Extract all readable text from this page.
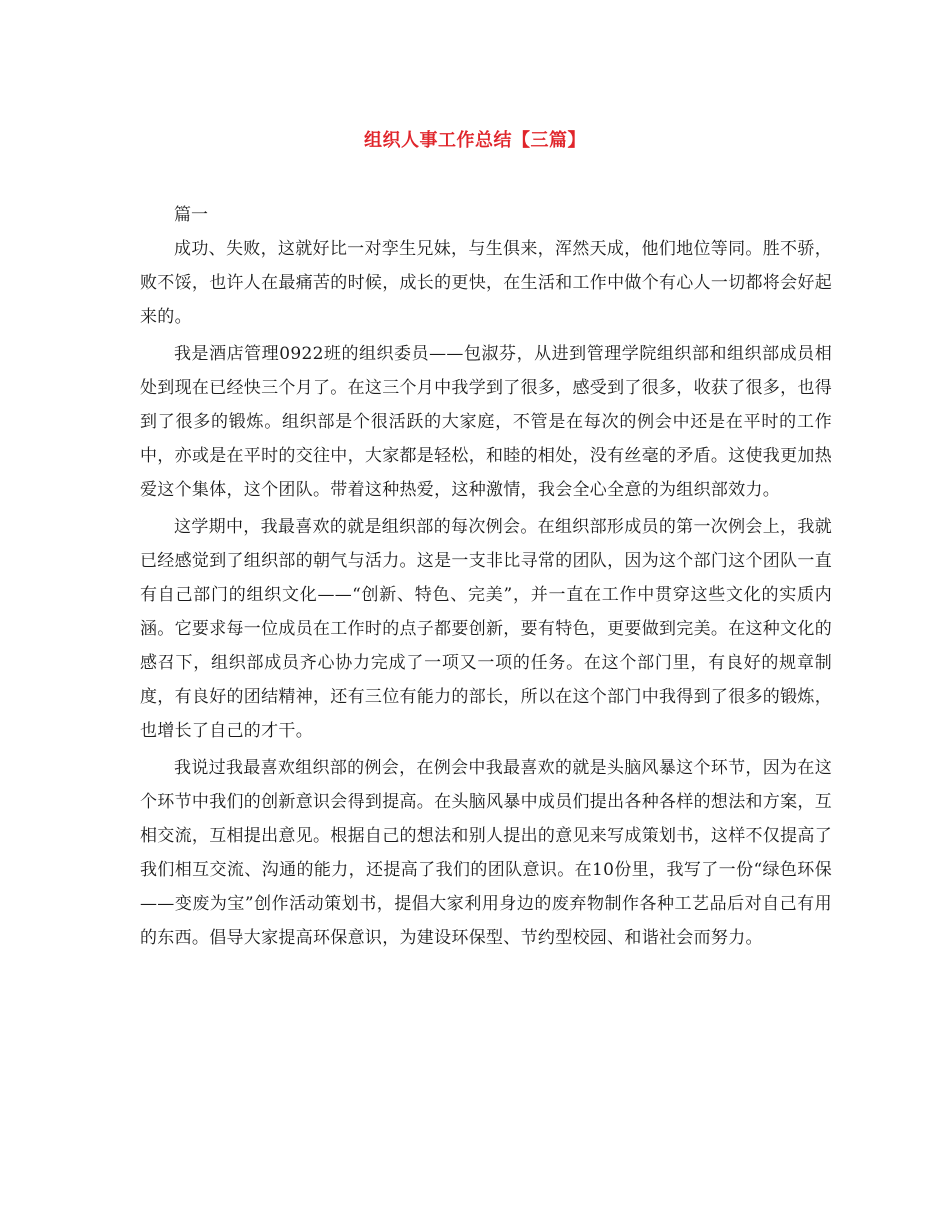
组织人事工作总结【三篇】

篇一

成功、失败，这就好比一对孪生兄妹，与生俱来，浑然天成，他们地位等同。胜不骄，败不馁，也许人在最痛苦的时候，成长的更快，在生活和工作中做个有心人一切都将会好起来的。

我是酒店管理0922班的组织委员——包淑芬，从进到管理学院组织部和组织部成员相处到现在已经快三个月了。在这三个月中我学到了很多，感受到了很多，收获了很多，也得到了很多的锻炼。组织部是个很活跃的大家庭，不管是在每次的例会中还是在平时的工作中，亦或是在平时的交往中，大家都是轻松，和睦的相处，没有丝毫的矛盾。这使我更加热爱这个集体，这个团队。带着这种热爱，这种激情，我会全心全意的为组织部效力。

这学期中，我最喜欢的就是组织部的每次例会。在组织部形成员的第一次例会上，我就已经感觉到了组织部的朝气与活力。这是一支非比寻常的团队，因为这个部门这个团队一直有自己部门的组织文化——“创新、特色、完美”，并一直在工作中贯穿这些文化的实质内涵。它要求每一位成员在工作时的点子都要创新，要有特色，更要做到完美。在这种文化的感召下，组织部成员齐心协力完成了一项又一项的任务。在这个部门里，有良好的规章制度，有良好的团结精神，还有三位有能力的部长，所以在这个部门中我得到了很多的锻炼，也增长了自己的才干。

我说过我最喜欢组织部的例会，在例会中我最喜欢的就是头脑风暴这个环节，因为在这个环节中我们的创新意识会得到提高。在头脑风暴中成员们提出各种各样的想法和方案，互相交流，互相提出意见。根据自己的想法和别人提出的意见来写成策划书，这样不仅提高了我们相互交流、沟通的能力，还提高了我们的团队意识。在10份里，我写了一份“绿色环保——变废为宝”创作活动策划书，提倡大家利用身边的废弃物制作各种工艺品后对自己有用的东西。倡导大家提高环保意识，为建设环保型、节约型校园、和谐社会而努力。
